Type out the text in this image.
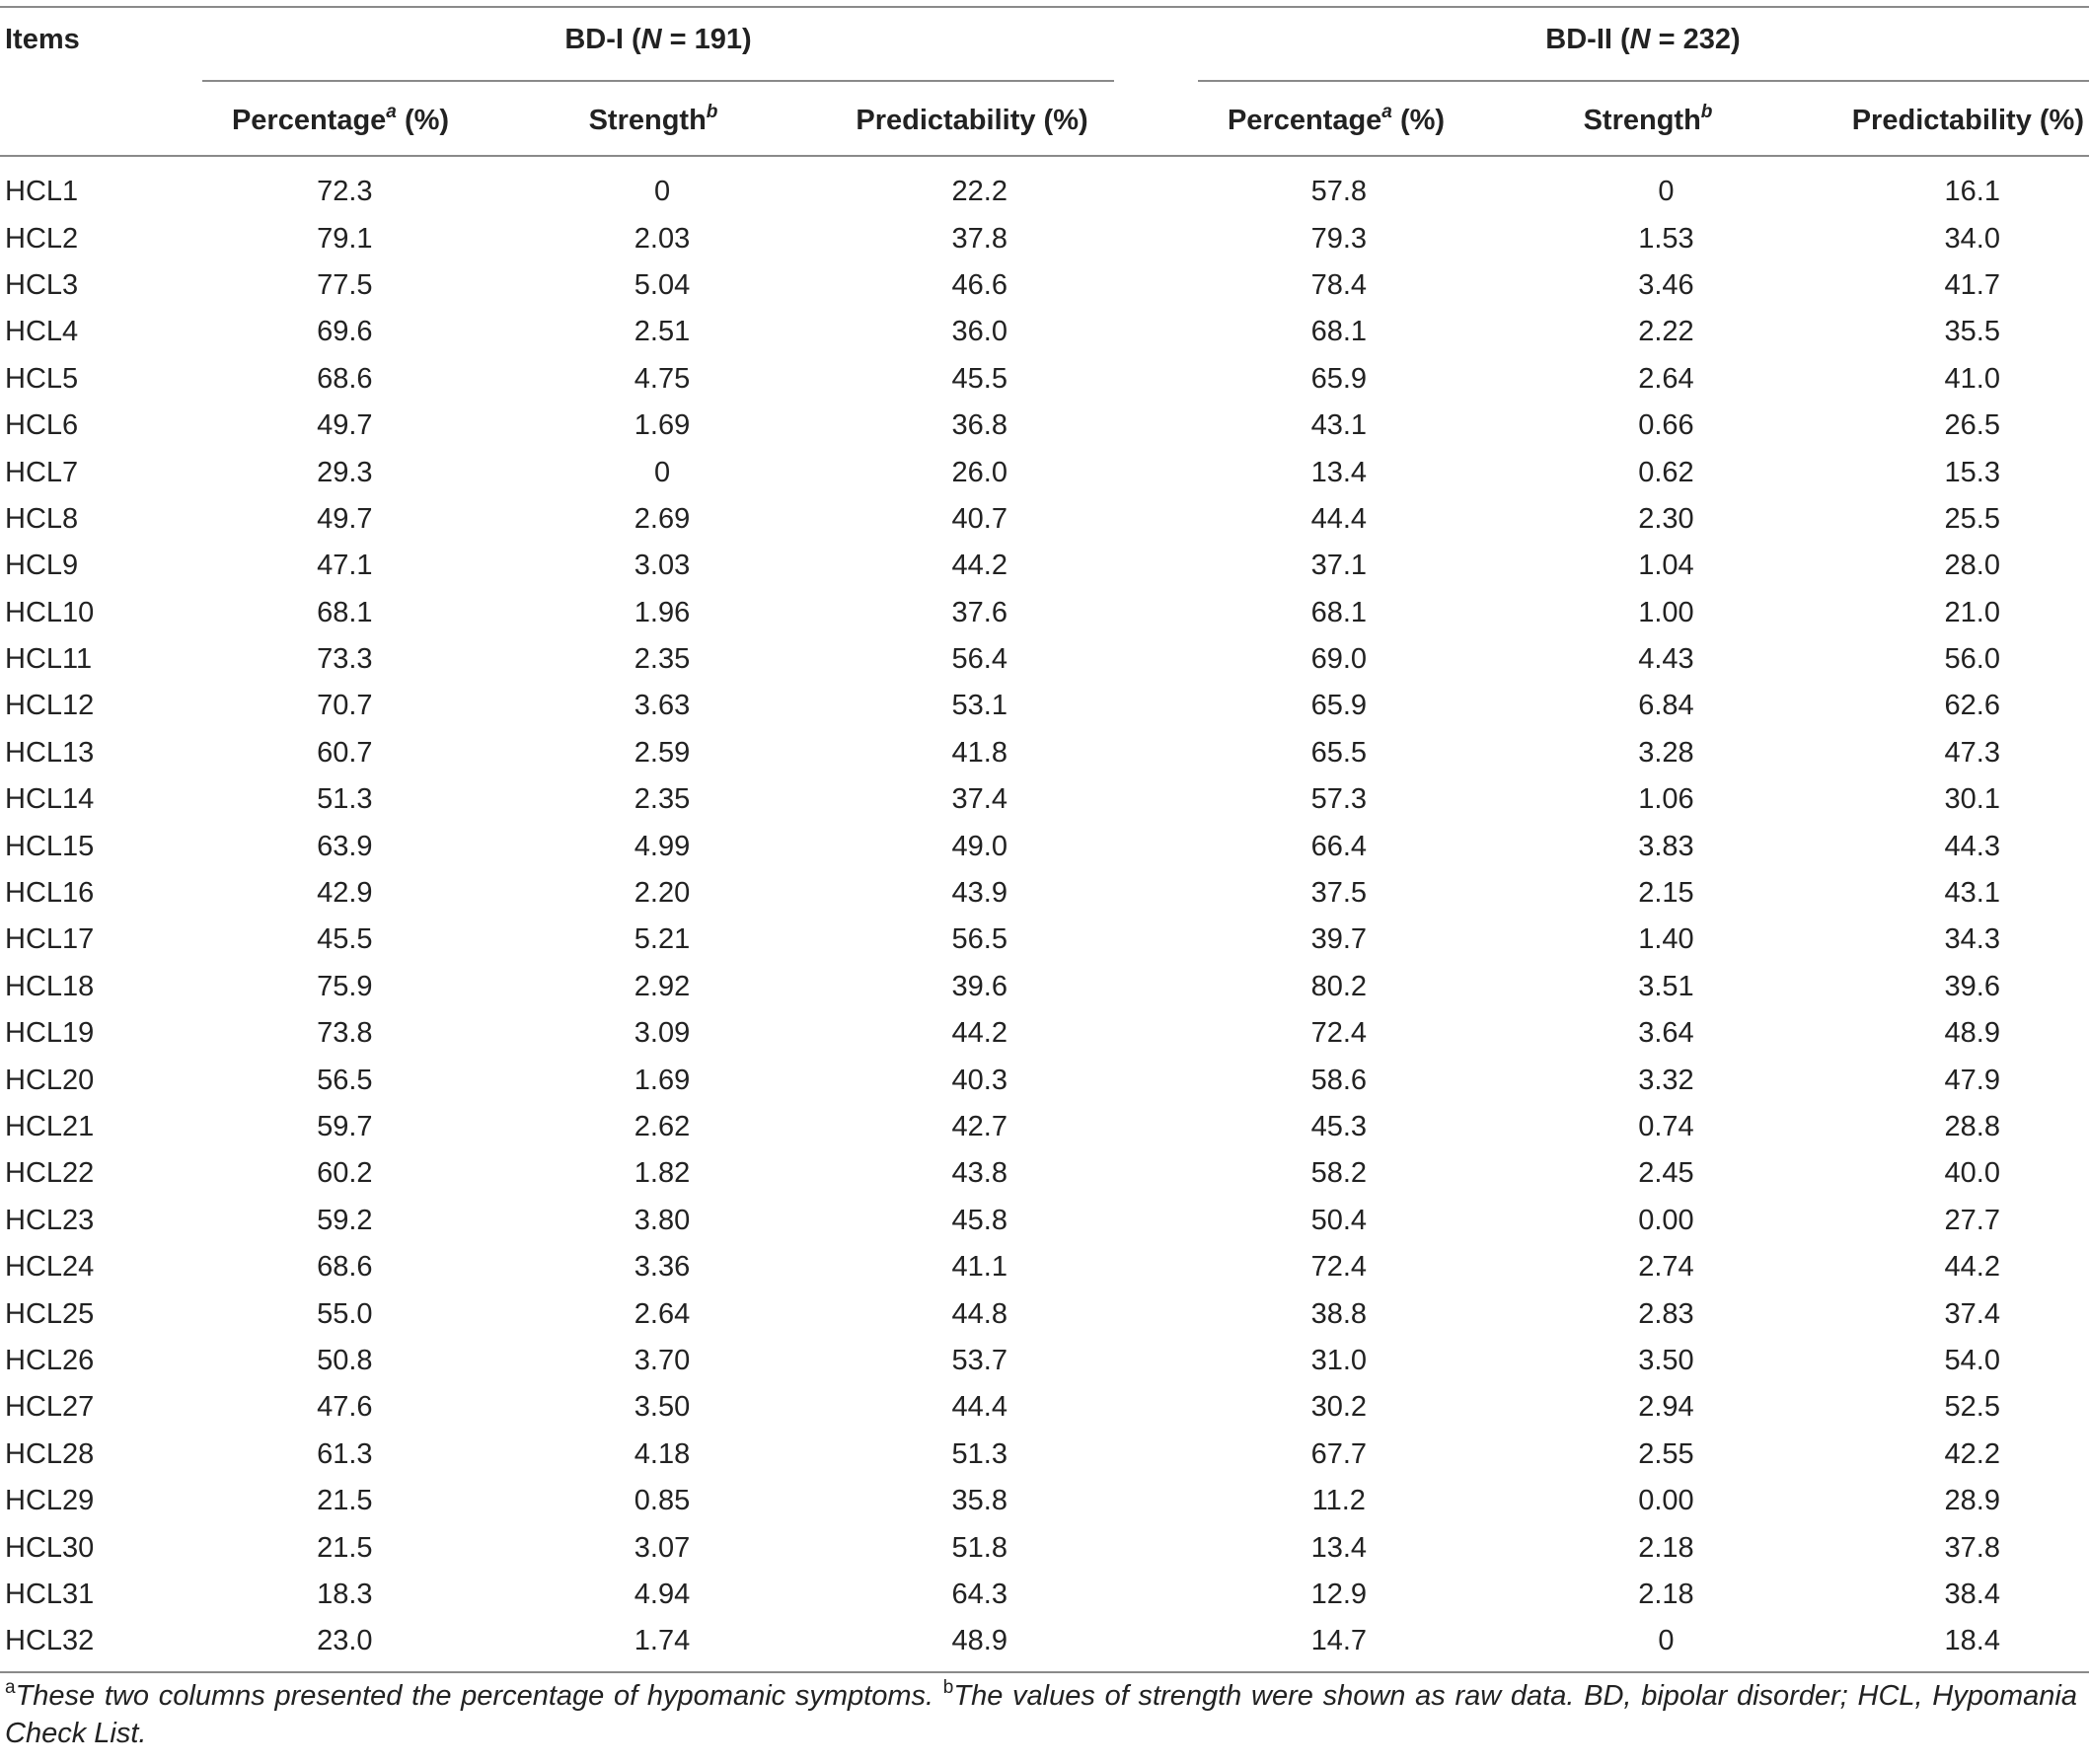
Items	BD-I (N = 191)	BD-II (N = 232)
Percentage$^a$ (%)	Strength$^b$	Predictability (%)	Percentage$^a$ (%)	Strength$^b$	Predictability (%)
HCL1	72.3	0	22.2		57.8	0	16.1
HCL2	79.1	2.03	37.8		79.3	1.53	34.0
HCL3	77.5	5.04	46.6		78.4	3.46	41.7
HCL4	69.6	2.51	36.0		68.1	2.22	35.5
HCL5	68.6	4.75	45.5		65.9	2.64	41.0
HCL6	49.7	1.69	36.8		43.1	0.66	26.5
HCL7	29.3	0	26.0		13.4	0.62	15.3
HCL8	49.7	2.69	40.7		44.4	2.30	25.5
HCL9	47.1	3.03	44.2		37.1	1.04	28.0
HCL10	68.1	1.96	37.6		68.1	1.00	21.0
HCL11	73.3	2.35	56.4		69.0	4.43	56.0
HCL12	70.7	3.63	53.1		65.9	6.84	62.6
HCL13	60.7	2.59	41.8		65.5	3.28	47.3
HCL14	51.3	2.35	37.4		57.3	1.06	30.1
HCL15	63.9	4.99	49.0		66.4	3.83	44.3
HCL16	42.9	2.20	43.9		37.5	2.15	43.1
HCL17	45.5	5.21	56.5		39.7	1.40	34.3
HCL18	75.9	2.92	39.6		80.2	3.51	39.6
HCL19	73.8	3.09	44.2		72.4	3.64	48.9
HCL20	56.5	1.69	40.3		58.6	3.32	47.9
HCL21	59.7	2.62	42.7		45.3	0.74	28.8
HCL22	60.2	1.82	43.8		58.2	2.45	40.0
HCL23	59.2	3.80	45.8		50.4	0.00	27.7
HCL24	68.6	3.36	41.1		72.4	2.74	44.2
HCL25	55.0	2.64	44.8		38.8	2.83	37.4
HCL26	50.8	3.70	53.7		31.0	3.50	54.0
HCL27	47.6	3.50	44.4		30.2	2.94	52.5
HCL28	61.3	4.18	51.3		67.7	2.55	42.2
HCL29	21.5	0.85	35.8		11.2	0.00	28.9
HCL30	21.5	3.07	51.8		13.4	2.18	37.8
HCL31	18.3	4.94	64.3		12.9	2.18	38.4
HCL32	23.0	1.74	48.9		14.7	0	18.4
$^a$These two columns presented the percentage of hypomanic symptoms. $^b$The values of strength were shown as raw data. BD, bipolar disorder; HCL, Hypomania Check List.
